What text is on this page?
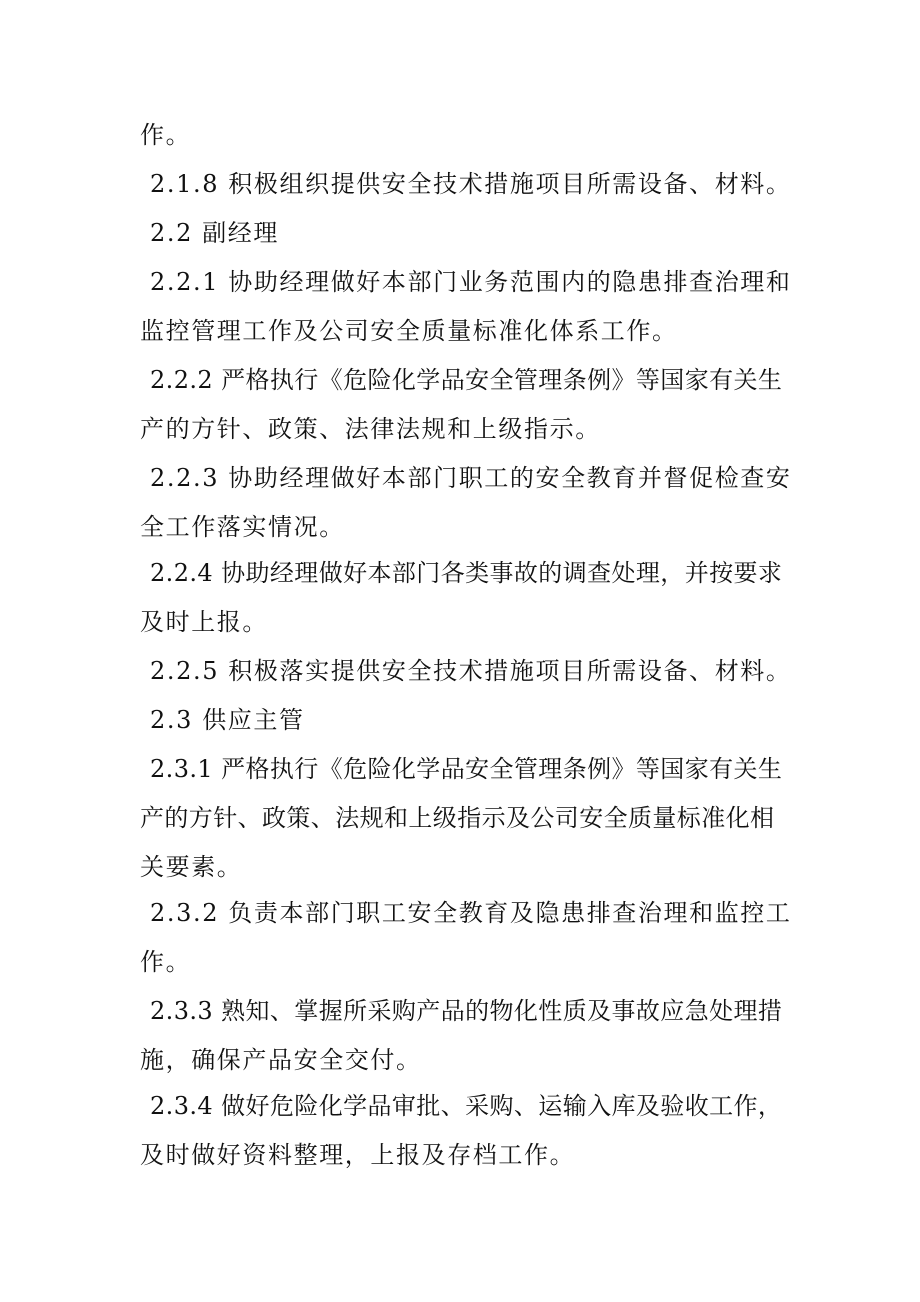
作。
2.1.8 积极组织提供安全技术措施项目所需设备、材料。
2.2 副经理
2.2.1 协助经理做好本部门业务范围内的隐患排查治理和
监控管理工作及公司安全质量标准化体系工作。
2.2.2 严格执行《危险化学品安全管理条例》等国家有关生
产的方针、政策、法律法规和上级指示。
2.2.3 协助经理做好本部门职工的安全教育并督促检查安
全工作落实情况。
2.2.4 协助经理做好本部门各类事故的调查处理，并按要求
及时上报。
2.2.5 积极落实提供安全技术措施项目所需设备、材料。
2.3 供应主管
2.3.1 严格执行《危险化学品安全管理条例》等国家有关生
产的方针、政策、法规和上级指示及公司安全质量标准化相
关要素。
2.3.2 负责本部门职工安全教育及隐患排查治理和监控工
作。
2.3.3 熟知、掌握所采购产品的物化性质及事故应急处理措
施，确保产品安全交付。
2.3.4 做好危险化学品审批、采购、运输入库及验收工作，
及时做好资料整理，上报及存档工作。
